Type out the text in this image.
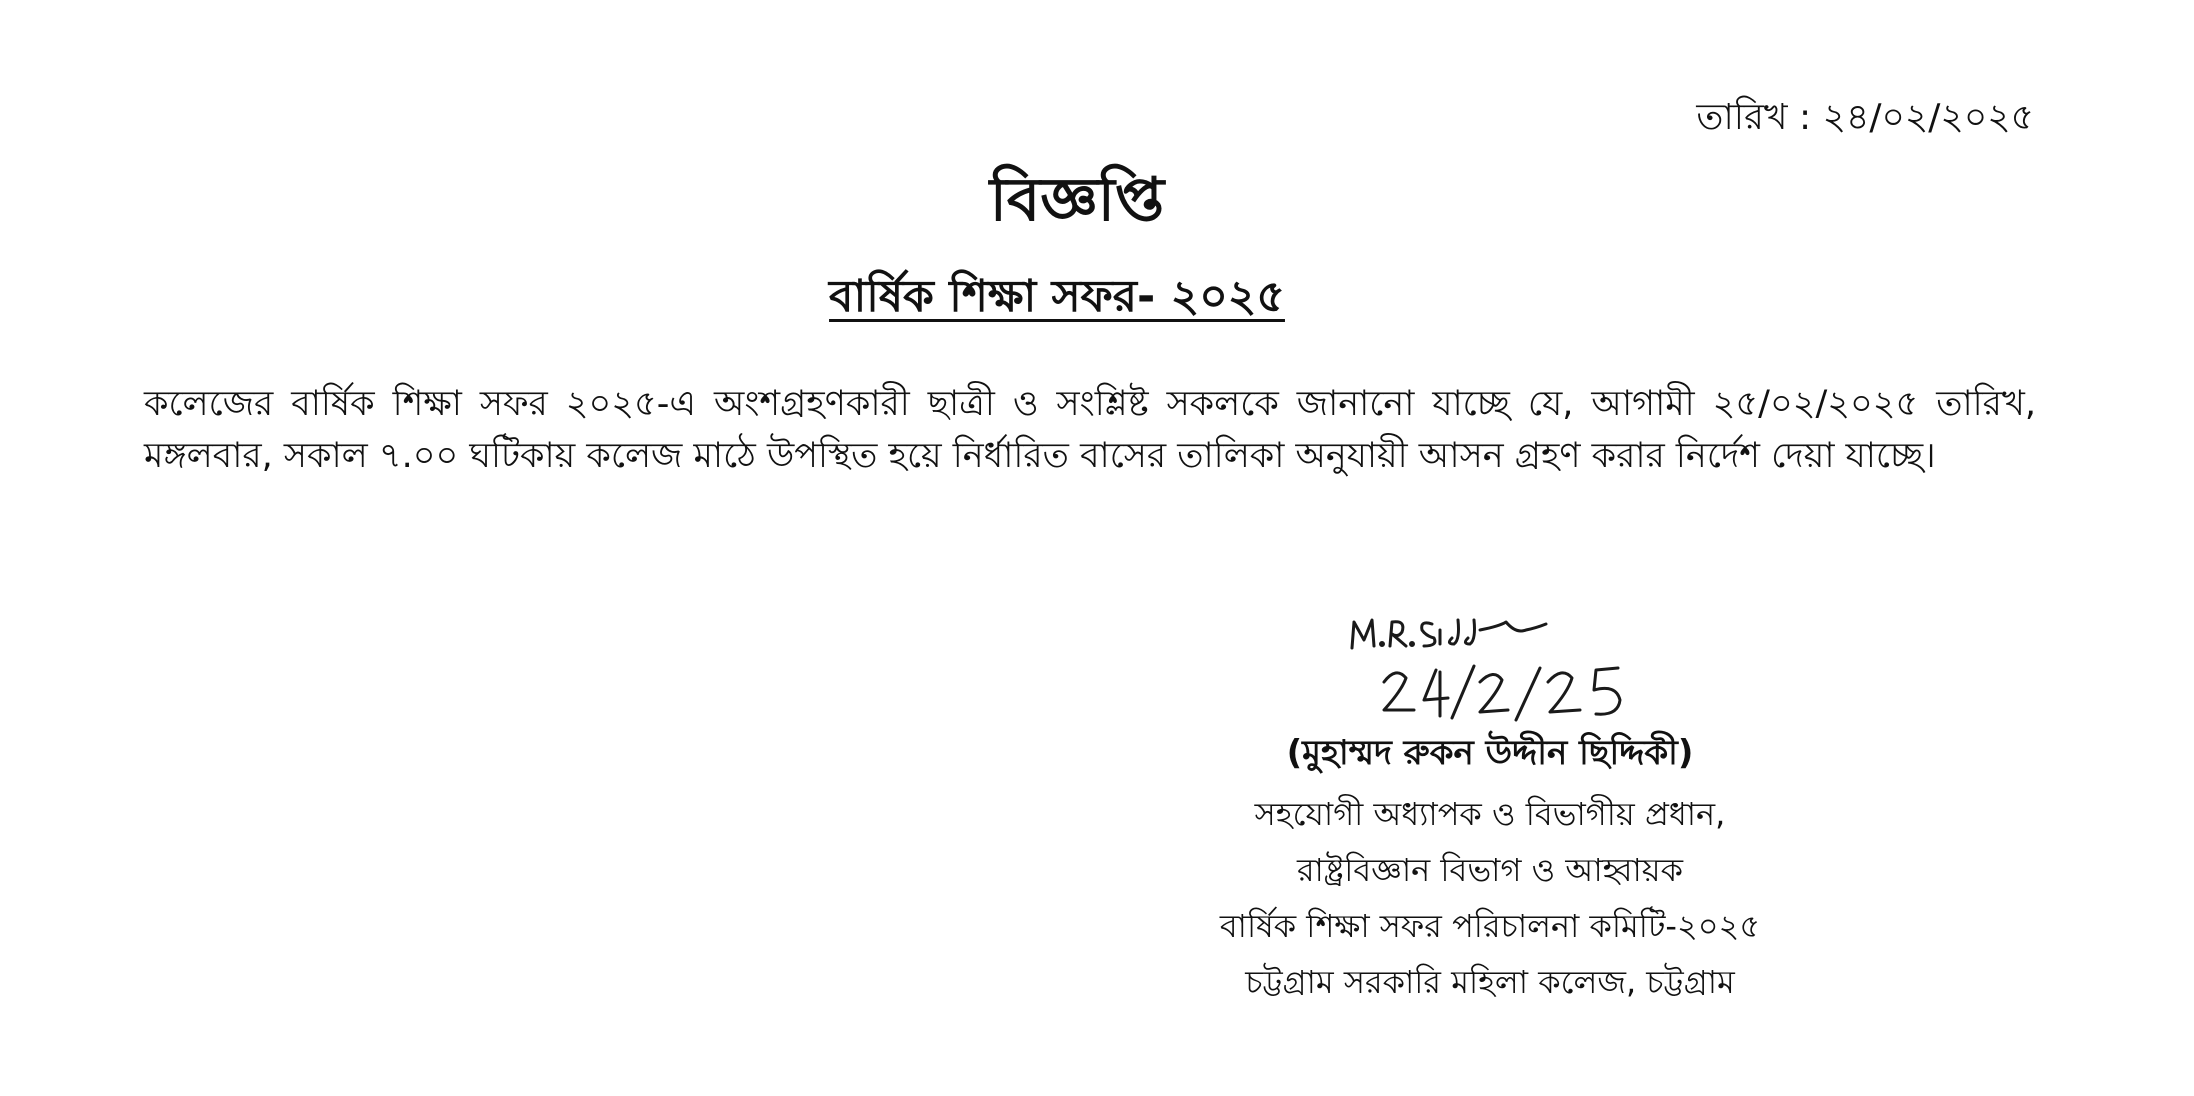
তারিখ : ২৪/০২/২০২৫
বিজ্ঞপ্তি
বার্ষিক শিক্ষা সফর- ২০২৫

কলেজের বার্ষিক শিক্ষা সফর ২০২৫-এ অংশগ্রহণকারী ছাত্রী ও সংশ্লিষ্ট সকলকে জানানো যাচ্ছে যে, আগামী ২৫/০২/২০২৫ তারিখ, মঙ্গলবার, সকাল ৭.০০ ঘটিকায় কলেজ মাঠে উপস্থিত হয়ে নির্ধারিত বাসের তালিকা অনুযায়ী আসন গ্রহণ করার নির্দেশ দেয়া যাচ্ছে।

(মুহাম্মদ রুকন উদ্দীন ছিদ্দিকী)
সহযোগী অধ্যাপক ও বিভাগীয় প্রধান,
রাষ্ট্রবিজ্ঞান বিভাগ ও আহ্বায়ক
বার্ষিক শিক্ষা সফর পরিচালনা কমিটি-২০২৫
চট্টগ্রাম সরকারি মহিলা কলেজ, চট্টগ্রাম
